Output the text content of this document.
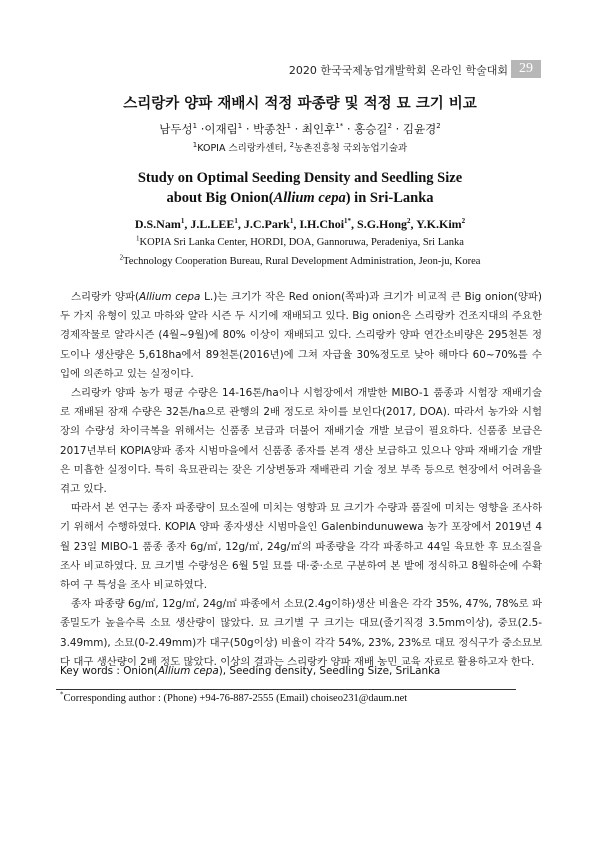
2020 한국국제농업개발학회 온라인 학술대회 29
스리랑카 양파 재배시 적정 파종량 및 적정 묘 크기 비교
남두성$^1$ ·이재림$^1$ · 박종찬$^1$ · 최인후$^{1*}$ · 홍승길$^2$ · 김윤경$^2$
$^1$KOPIA 스리랑카센터, $^2$농촌진흥청 국외농업기술과
Study on Optimal Seeding Density and Seedling Size
about Big Onion(Allium cepa) in Sri-Lanka
D.S.Nam$^1$, J.L.LEE$^1$, J.C.Park$^1$, I.H.Choi$^{1*}$, S.G.Hong$^2$, Y.K.Kim$^2$
$^1$KOPIA Sri Lanka Center, HORDI, DOA, Gannoruwa, Peradeniya, Sri Lanka
$^2$Technology Cooperation Bureau, Rural Development Administration, Jeon-ju, Korea

스리랑카 양파(Allium cepa L.)는 크기가 작은 Red onion(쪽파)과 크기가 비교적 큰 Big onion(양파) 두 가지 유형이 있고 마하와 얄라 시즌 두 시기에 재배되고 있다. Big onion은 스리랑카 건조지대의 주요한 경제작물로 얄라시즌 (4월~9월)에 80% 이상이 재배되고 있다. 스리랑카 양파 연간소비량은 295천톤 정도이나 생산량은 5,618ha에서 89천톤(2016년)에 그쳐 자급율 30%정도로 낮아 해마다 60~70%를 수입에 의존하고 있는 실정이다.

스리랑카 양파 농가 평균 수량은 14-16톤/ha이나 시험장에서 개발한 MIBO-1 품종과 시험장 재배기술로 재배된 잠재 수량은 32톤/ha으로 관행의 2배 정도로 차이를 보인다(2017, DOA). 따라서 농가와 시험장의 수량성 차이극복을 위해서는 신품종 보급과 더불어 재배기술 개발 보급이 필요하다. 신품종 보급은 2017년부터 KOPIA양파 종자 시범마을에서 신품종 종자를 본격 생산 보급하고 있으나 양파 재배기술 개발은 미흡한 실정이다. 특히 육묘관리는 잦은 기상변동과 재배관리 기술 정보 부족 등으로 현장에서 어려움을 겪고 있다.

따라서 본 연구는 종자 파종량이 묘소질에 미치는 영향과 묘 크기가 수량과 품질에 미치는 영향을 조사하기 위해서 수행하였다. KOPIA 양파 종자생산 시범마을인 Galenbindunuwewa 농가 포장에서 2019년 4월 23일 MIBO-1 품종 종자 6g/㎡, 12g/㎡, 24g/㎡의 파종량을 각각 파종하고 44일 육묘한 후 묘소질을 조사 비교하였다. 묘 크기별 수량성은 6월 5일 묘를 대·중·소로 구분하여 본 밭에 정식하고 8월하순에 수확하여 구 특성을 조사 비교하였다.

종자 파종량 6g/㎡, 12g/㎡, 24g/㎡ 파종에서 소묘(2.4g이하)생산 비율은 각각 35%, 47%, 78%로 파종밀도가 높을수록 소묘 생산량이 많았다. 묘 크기별 구 크기는 대묘(줄기직경 3.5mm이상), 중묘(2.5-3.49mm), 소묘(0-2.49mm)가 대구(50g이상) 비율이 각각 54%, 23%, 23%로 대묘 정식구가 중소묘보다 대구 생산량이 2배 정도 많았다. 이상의 결과는 스리랑카 양파 재배 농민 교육 자료로 활용하고자 한다.

Key words : Onion(Allium cepa), Seeding density, Seedling Size, SriLanka
*Corresponding author : (Phone) +94-76-887-2555 (Email) choiseo231@daum.net
